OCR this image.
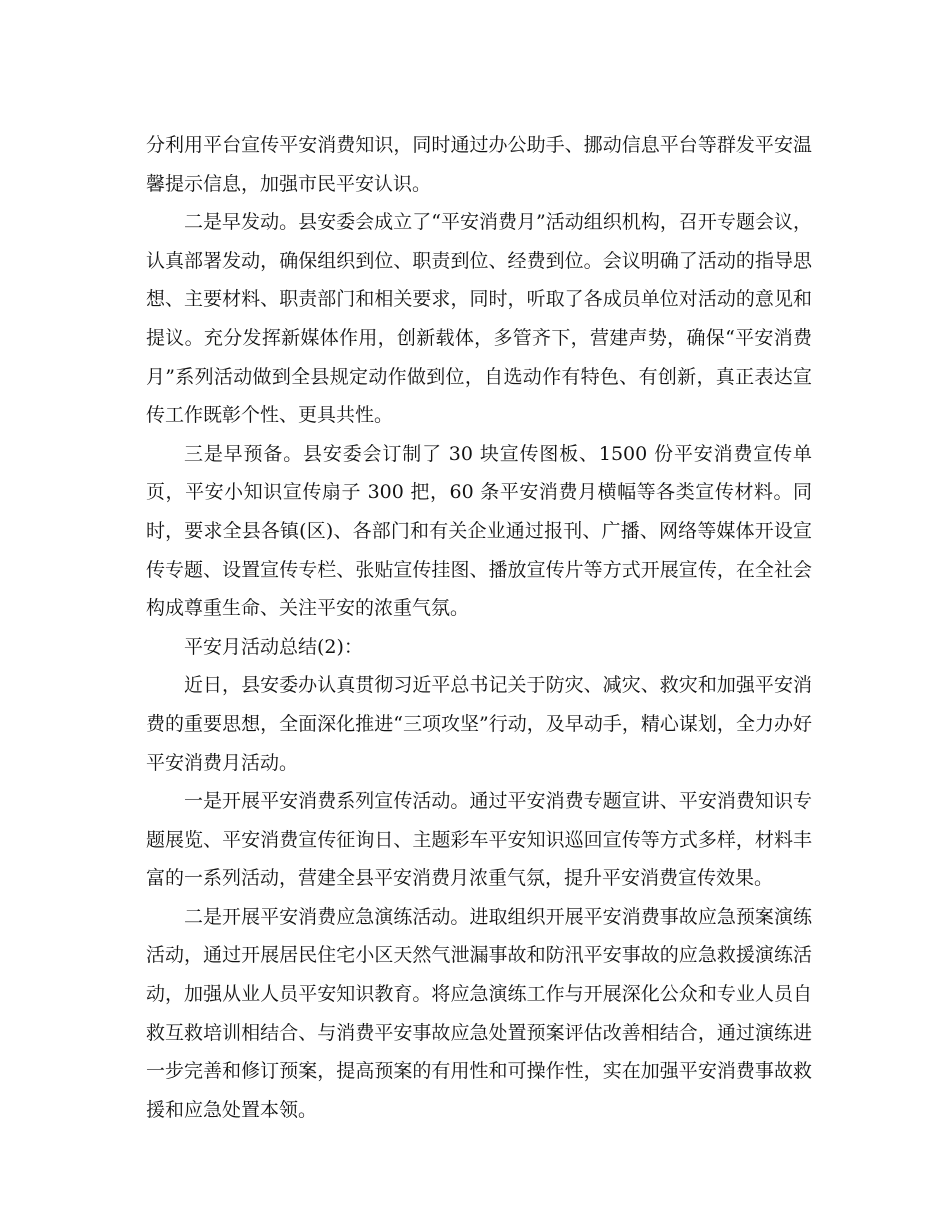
分利用平台宣传平安消费知识，同时通过办公助手、挪动信息平台等群发平安温馨提示信息，加强市民平安认识。

二是早发动。县安委会成立了“平安消费月”活动组织机构，召开专题会议，认真部署发动，确保组织到位、职责到位、经费到位。会议明确了活动的指导思想、主要材料、职责部门和相关要求，同时，听取了各成员单位对活动的意见和提议。充分发挥新媒体作用，创新载体，多管齐下，营建声势，确保“平安消费月”系列活动做到全县规定动作做到位，自选动作有特色、有创新，真正表达宣传工作既彰个性、更具共性。

三是早预备。县安委会订制了 30 块宣传图板、1500 份平安消费宣传单页，平安小知识宣传扇子 300 把，60 条平安消费月横幅等各类宣传材料。同时，要求全县各镇(区)、各部门和有关企业通过报刊、广播、网络等媒体开设宣传专题、设置宣传专栏、张贴宣传挂图、播放宣传片等方式开展宣传，在全社会构成尊重生命、关注平安的浓重气氛。

平安月活动总结(2)：

近日，县安委办认真贯彻习近平总书记关于防灾、减灾、救灾和加强平安消费的重要思想，全面深化推进“三项攻坚”行动，及早动手，精心谋划，全力办好平安消费月活动。

一是开展平安消费系列宣传活动。通过平安消费专题宣讲、平安消费知识专题展览、平安消费宣传征询日、主题彩车平安知识巡回宣传等方式多样，材料丰富的一系列活动，营建全县平安消费月浓重气氛，提升平安消费宣传效果。

二是开展平安消费应急演练活动。进取组织开展平安消费事故应急预案演练活动，通过开展居民住宅小区天然气泄漏事故和防汛平安事故的应急救援演练活动，加强从业人员平安知识教育。将应急演练工作与开展深化公众和专业人员自救互救培训相结合、与消费平安事故应急处置预案评估改善相结合，通过演练进一步完善和修订预案，提高预案的有用性和可操作性，实在加强平安消费事故救援和应急处置本领。
